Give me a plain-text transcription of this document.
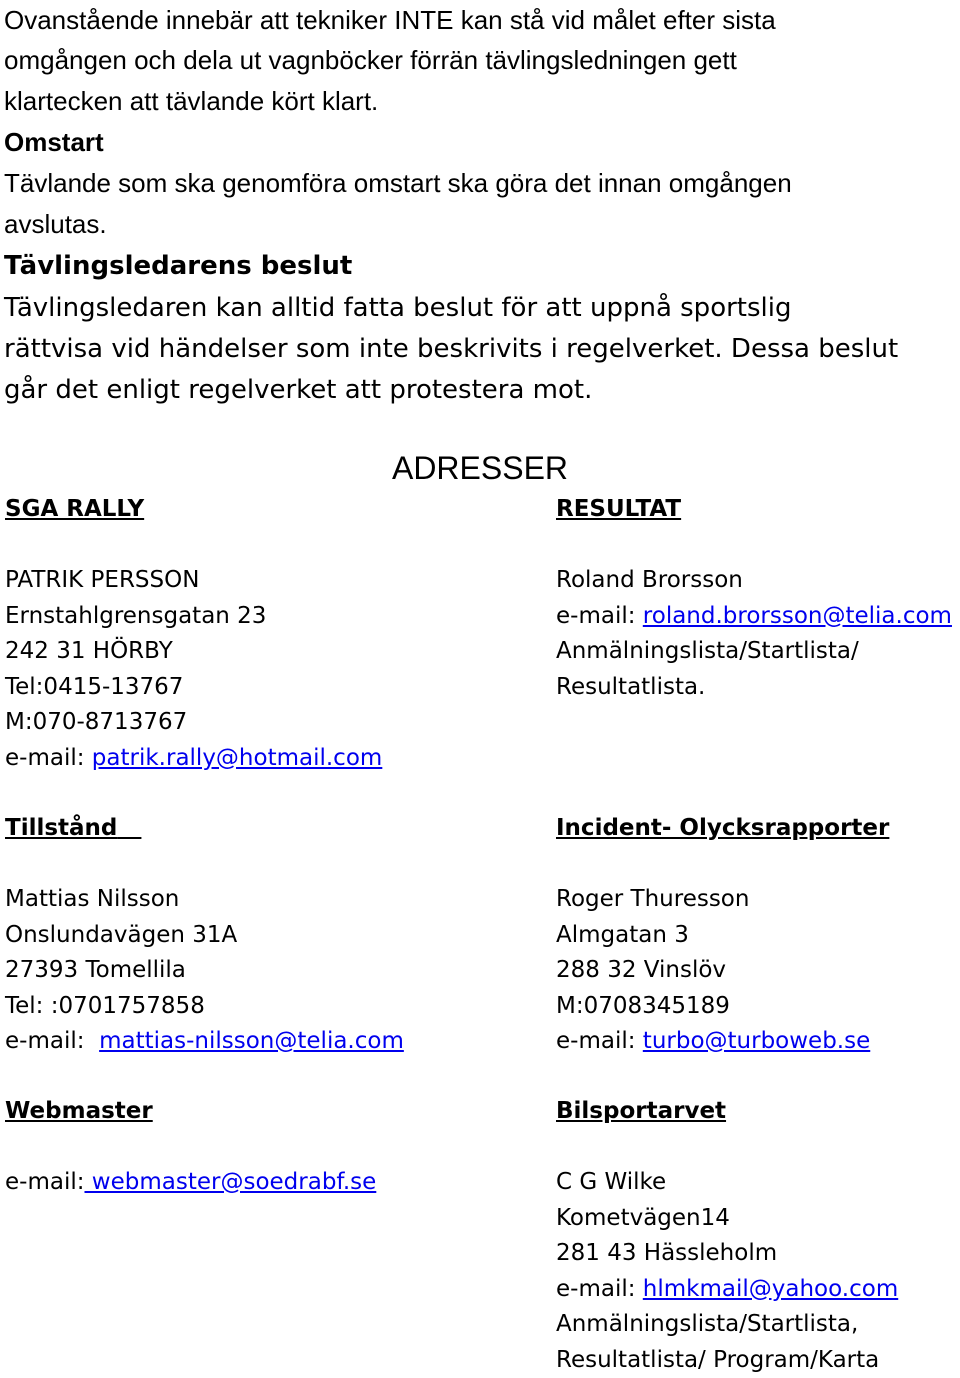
Ovanstående innebär att tekniker INTE kan stå vid målet efter sista
omgången och dela ut vagnböcker förrän tävlingsledningen gett
klartecken att tävlande kört klart.
Omstart
Tävlande som ska genomföra omstart ska göra det innan omgången
avslutas.
Tävlingsledarens beslut
Tävlingsledaren kan alltid fatta beslut för att uppnå sportslig
rättvisa vid händelser som inte beskrivits i regelverket. Dessa beslut
går det enligt regelverket att protestera mot.
ADRESSER
SGA RALLY
PATRIK PERSSON
Ernstahlgrensgatan 23
242 31 HÖRBY
Tel:0415-13767
M:070-8713767
e-mail: patrik.rally@hotmail.com
RESULTAT
Roland Brorsson
e-mail: roland.brorsson@telia.com
Anmälningslista/Startlista/
Resultatlista.
Tillstånd
Mattias Nilsson
Onslundavägen 31A
27393 Tomellila
Tel: :0701757858
e-mail:  mattias-nilsson@telia.com
Incident- Olycksrapporter
Roger Thuresson
Almgatan 3
288 32 Vinslöv
M:0708345189
e-mail: turbo@turboweb.se
Webmaster
e-mail: webmaster@soedrabf.se
Bilsportarvet
C G Wilke
Kometvägen14
281 43 Hässleholm
e-mail: hlmkmail@yahoo.com
Anmälningslista/Startlista,
Resultatlista/ Program/Karta
